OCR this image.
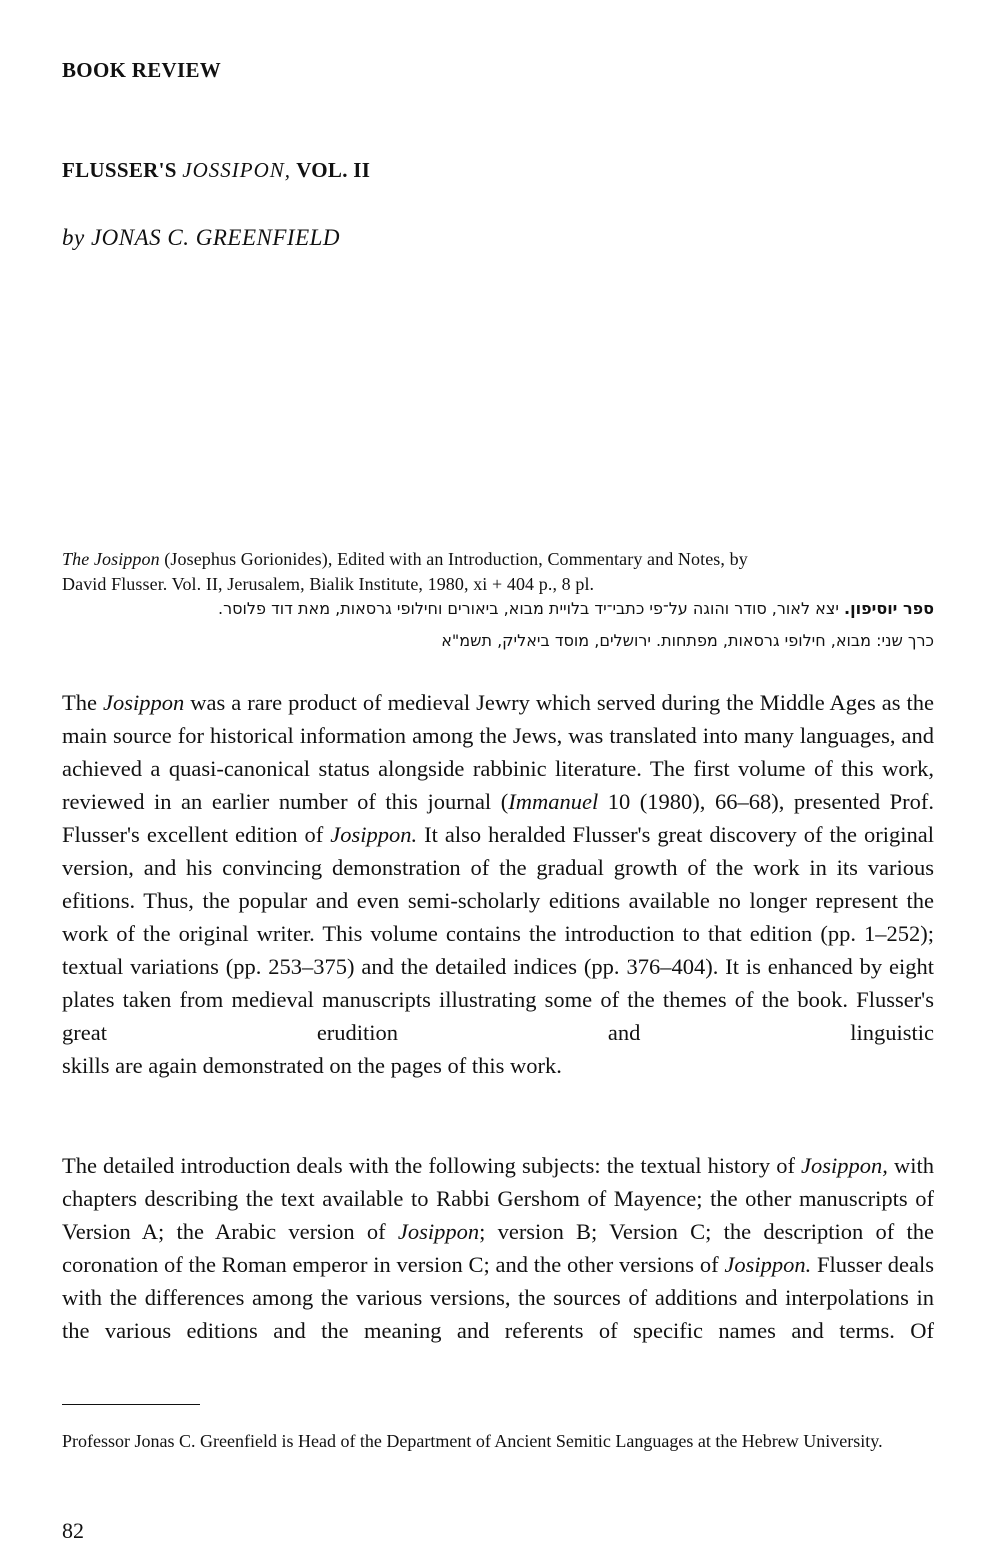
BOOK REVIEW

FLUSSER'S JOSSIPON, VOL. II

by JONAS C. GREENFIELD

The Josippon (Josephus Gorionides), Edited with an Introduction, Commentary and Notes, by
David Flusser. Vol. II, Jerusalem, Bialik Institute, 1980, xi + 404 p., 8 pl.

ספר יוסיפון. יצא לאור, סודר והוגה על־פי כתבי־יד בלויית מבוא, ביאורים וחילופי גרסאות, מאת דוד פלוסר.

כרך שני: מבוא, חילופי גרסאות, מפתחות. ירושלים, מוסד ביאליק, תשמ"א

The Josippon was a rare product of medieval Jewry which served during the Middle Ages as the main source for historical information among the Jews, was translated into many languages, and achieved a quasi-canonical status alongside rabbinic literature. The first volume of this work, reviewed in an earlier number of this journal (Immanuel 10 (1980), 66–68), presented Prof. Flusser's excellent edition of Josippon. It also heralded Flusser's great discovery of the original version, and his convincing demonstration of the gradual growth of the work in its various efitions. Thus, the popular and even semi-scholarly editions available no longer represent the work of the original writer. This volume contains the introduction to that edition (pp. 1–252); textual variations (pp. 253–375) and the detailed indices (pp. 376–404). It is enhanced by eight plates taken from medieval manuscripts illustrating some of the themes of the book. Flusser's great erudition and linguistic
skills are again demonstrated on the pages of this work.

The detailed introduction deals with the following subjects: the textual history of Josippon, with chapters describing the text available to Rabbi Gershom of Mayence; the other manuscripts of Version A; the Arabic version of Josippon; version B; Version C; the description of the coronation of the Roman emperor in version C; and the other versions of Josippon. Flusser deals with the differences among the various versions, the sources of additions and interpolations in the various editions and the meaning and referents of specific names and terms. Of

Professor Jonas C. Greenfield is Head of the Department of Ancient Semitic Languages at the Hebrew University.

82
